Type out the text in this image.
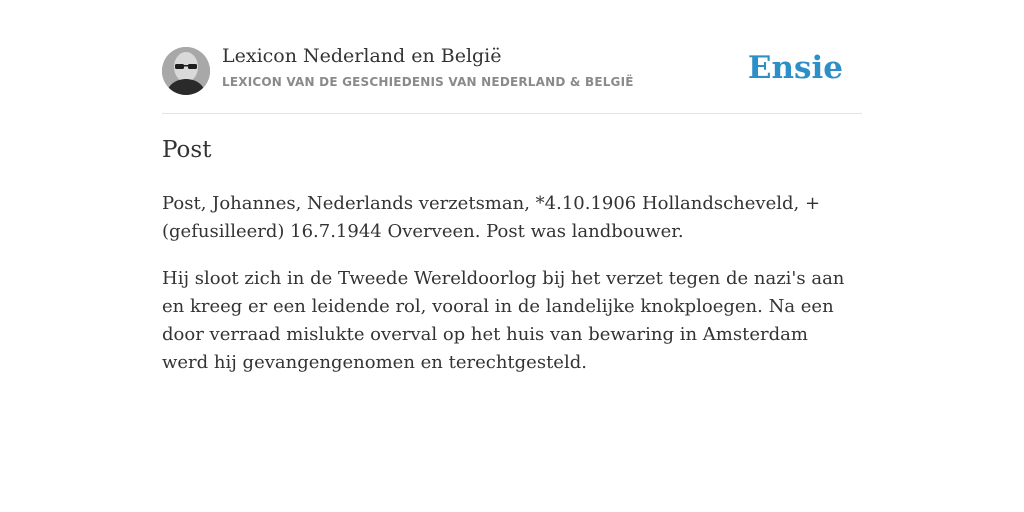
Lexicon Nederland en België
LEXICON VAN DE GESCHIEDENIS VAN NEDERLAND & BELGIË	Ensie
Post

Post, Johannes, Nederlands verzetsman, *4.10.1906 Hollandscheveld, + (gefusilleerd) 16.7.1944 Overveen. Post was landbouwer.

Hij sloot zich in de Tweede Wereldoorlog bij het verzet tegen de nazi's aan en kreeg er een leidende rol, vooral in de landelijke knokploegen. Na een door verraad mislukte overval op het huis van bewaring in Amsterdam werd hij gevangengenomen en terechtgesteld.
